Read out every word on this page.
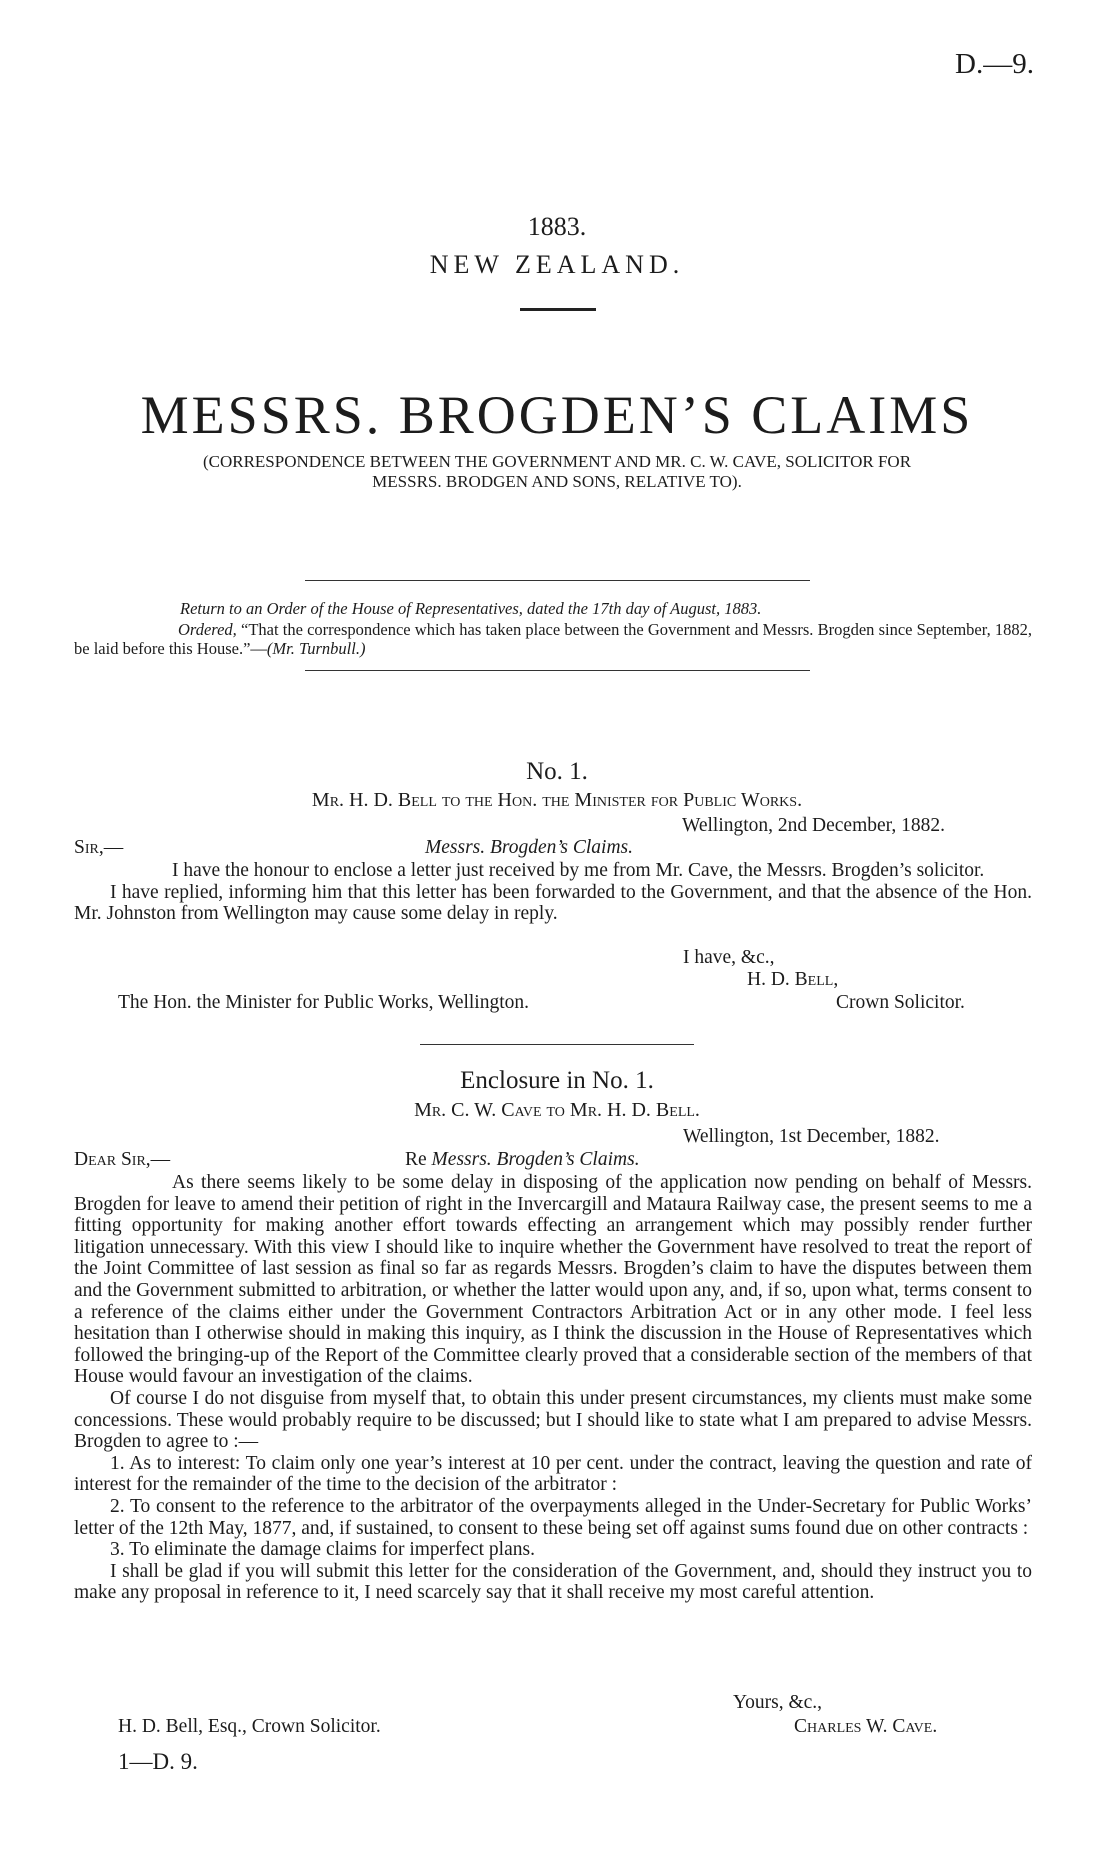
D.—9.
1883.
NEW ZEALAND.
MESSRS. BROGDEN’S CLAIMS
(CORRESPONDENCE BETWEEN THE GOVERNMENT AND MR. C. W. CAVE, SOLICITOR FOR
MESSRS. BRODGEN AND SONS, RELATIVE TO).
Return to an Order of the House of Representatives, dated the 17th day of August, 1883.
Ordered, “That the correspondence which has taken place between the Government and Messrs. Brogden since September, 1882, be laid before this House.”—(Mr. Turnbull.)
No. 1.
Mr. H. D. Bell to the Hon. the Minister for Public Works.
Wellington, 2nd December, 1882.
Sir,—	Messrs. Brogden’s Claims.

I have the honour to enclose a letter just received by me from Mr. Cave, the Messrs. Brogden’s solicitor.

I have replied, informing him that this letter has been forwarded to the Government, and that the absence of the Hon. Mr. Johnston from Wellington may cause some delay in reply.

I have, &c.,
H. D. Bell,
The Hon. the Minister for Public Works, Wellington.	Crown Solicitor.
Enclosure in No. 1.
Mr. C. W. Cave to Mr. H. D. Bell.
Wellington, 1st December, 1882.
Dear Sir,—	Re Messrs. Brogden’s Claims.

As there seems likely to be some delay in disposing of the application now pending on behalf of Messrs. Brogden for leave to amend their petition of right in the Invercargill and Mataura Railway case, the present seems to me a fitting opportunity for making another effort towards effecting an arrangement which may possibly render further litigation unnecessary. With this view I should like to inquire whether the Government have resolved to treat the report of the Joint Committee of last session as final so far as regards Messrs. Brogden’s claim to have the disputes between them and the Government submitted to arbitration, or whether the latter would upon any, and, if so, upon what, terms consent to a reference of the claims either under the Government Contractors Arbitration Act or in any other mode. I feel less hesitation than I otherwise should in making this inquiry, as I think the discussion in the House of Representatives which followed the bringing-up of the Report of the Committee clearly proved that a considerable section of the members of that House would favour an investigation of the claims.

Of course I do not disguise from myself that, to obtain this under present circumstances, my clients must make some concessions. These would probably require to be discussed; but I should like to state what I am prepared to advise Messrs. Brogden to agree to :—

1. As to interest: To claim only one year’s interest at 10 per cent. under the contract, leaving the question and rate of interest for the remainder of the time to the decision of the arbitrator :

2. To consent to the reference to the arbitrator of the overpayments alleged in the Under-Secretary for Public Works’ letter of the 12th May, 1877, and, if sustained, to consent to these being set off against sums found due on other contracts :

3. To eliminate the damage claims for imperfect plans.

I shall be glad if you will submit this letter for the consideration of the Government, and, should they instruct you to make any proposal in reference to it, I need scarcely say that it shall receive my most careful attention.

Yours, &c.,
H. D. Bell, Esq., Crown Solicitor.	Charles W. Cave.
1—D. 9.
